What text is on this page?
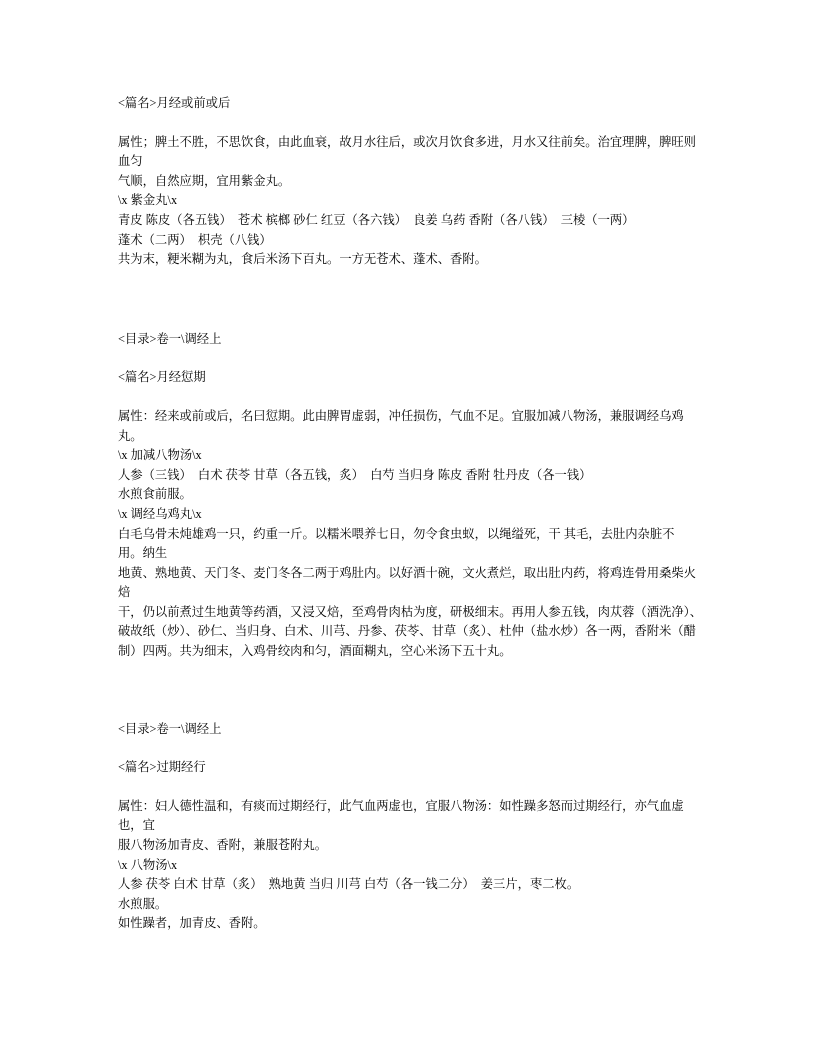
<篇名>月经或前或后
属性；脾土不胜，不思饮食，由此血衰，故月水往后，或次月饮食多进，月水又往前矣。治宜理脾，脾旺则血匀
气顺，自然应期，宜用紫金丸。
\x 紫金丸\x
青皮 陈皮（各五钱）  苍术 槟榔 砂仁 红豆（各六钱）  良姜 乌药 香附（各八钱）  三棱（一两）
蓬术（二两）  枳壳（八钱）
共为末，粳米糊为丸，食后米汤下百丸。一方无苍术、蓬术、香附。
<目录>卷一\调经上
<篇名>月经愆期
属性：经来或前或后，名曰愆期。此由脾胃虚弱，冲任损伤，气血不足。宜服加减八物汤，兼服调经乌鸡丸。
\x 加减八物汤\x
人参（三钱）  白术 茯苓 甘草（各五钱，炙）  白芍 当归身 陈皮 香附 牡丹皮（各一钱）
水煎食前服。
\x 调经乌鸡丸\x
白毛乌骨未炖雄鸡一只，约重一斤。以糯米喂养七日，勿令食虫蚁，以绳缢死，干 其毛，去肚内杂脏不
用。纳生
地黄、熟地黄、天门冬、麦门冬各二两于鸡肚内。以好酒十碗，文火煮烂，取出肚内药，将鸡连骨用桑柴火焙
干，仍以前煮过生地黄等药酒，又浸又焙，至鸡骨肉枯为度，研极细末。再用人参五钱，肉苁蓉（酒洗净）、
破故纸（炒）、砂仁、当归身、白术、川芎、丹参、茯苓、甘草（炙）、杜仲（盐水炒）各一两，香附米（醋
制）四两。共为细末，入鸡骨绞肉和匀，酒面糊丸，空心米汤下五十丸。
<目录>卷一\调经上
<篇名>过期经行
属性：妇人德性温和，有痰而过期经行，此气血两虚也，宜服八物汤：如性躁多怒而过期经行，亦气血虚也，宜
服八物汤加青皮、香附，兼服苍附丸。
\x 八物汤\x
人参 茯苓 白术 甘草（炙）  熟地黄 当归 川芎 白芍（各一钱二分）  姜三片，枣二枚。
水煎服。
如性躁者，加青皮、香附。
